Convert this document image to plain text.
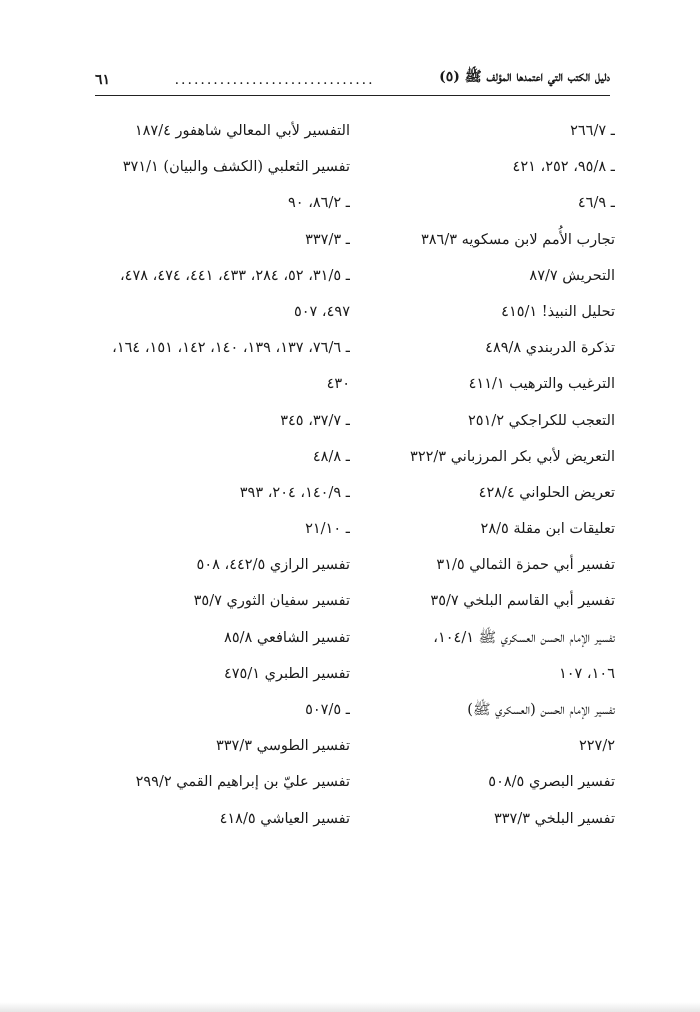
دليل الكتب التي اعتمدها المؤلف ﷺ (٥)
...............................
٦١

ـ ٢٦٦/٧

ـ ٩٥/٨، ٢٥٢، ٤٢١

ـ ٤٦/٩

تجارب الأُمم لابن مسكويه ٣٨٦/٣

التحريش ٨٧/٧

تحليل النبيذ! ٤١٥/١

تذكرة الدربندي ٤٨٩/٨

الترغيب والترهيب ٤١١/١

التعجب للكراجكي ٢٥١/٢

التعريض لأبي بكر المرزباني ٣٢٢/٣

تعريض الحلواني ٤٢٨/٤

تعليقات ابن مقلة ٢٨/٥

تفسير أبي حمزة الثمالي ٣١/٥

تفسير أبي القاسم البلخي ٣٥/٧

تفسير الإمام الحسن العسكري ﷺ ١٠٤/١،

١٠٦، ١٠٧

تفسير الإمام الحسن (العسكري ﷺ)

٢٢٧/٢

تفسير البصري ٥٠٨/٥

تفسير البلخي ٣٣٧/٣

التفسير لأبي المعالي شاهفور ١٨٧/٤

تفسير الثعلبي (الكشف والبيان) ٣٧١/١

ـ ٨٦/٢، ٩٠

ـ ٣٣٧/٣

ـ ٣١/٥، ٥٢، ٢٨٤، ٤٣٣، ٤٤١، ٤٧٤، ٤٧٨،

٤٩٧، ٥٠٧

ـ ٧٦/٦، ١٣٧، ١٣٩، ١٤٠، ١٤٢، ١٥١، ١٦٤،

٤٣٠

ـ ٣٧/٧، ٣٤٥

ـ ٤٨/٨

ـ ١٤٠/٩، ٢٠٤، ٣٩٣

ـ ٢١/١٠

تفسير الرازي ٤٤٢/٥، ٥٠٨

تفسير سفيان الثوري ٣٥/٧

تفسير الشافعي ٨٥/٨

تفسير الطبري ٤٧٥/١

ـ ٥٠٧/٥

تفسير الطوسي ٣٣٧/٣

تفسير عليّ بن إبراهيم القمي ٢٩٩/٢

تفسير العياشي ٤١٨/٥
